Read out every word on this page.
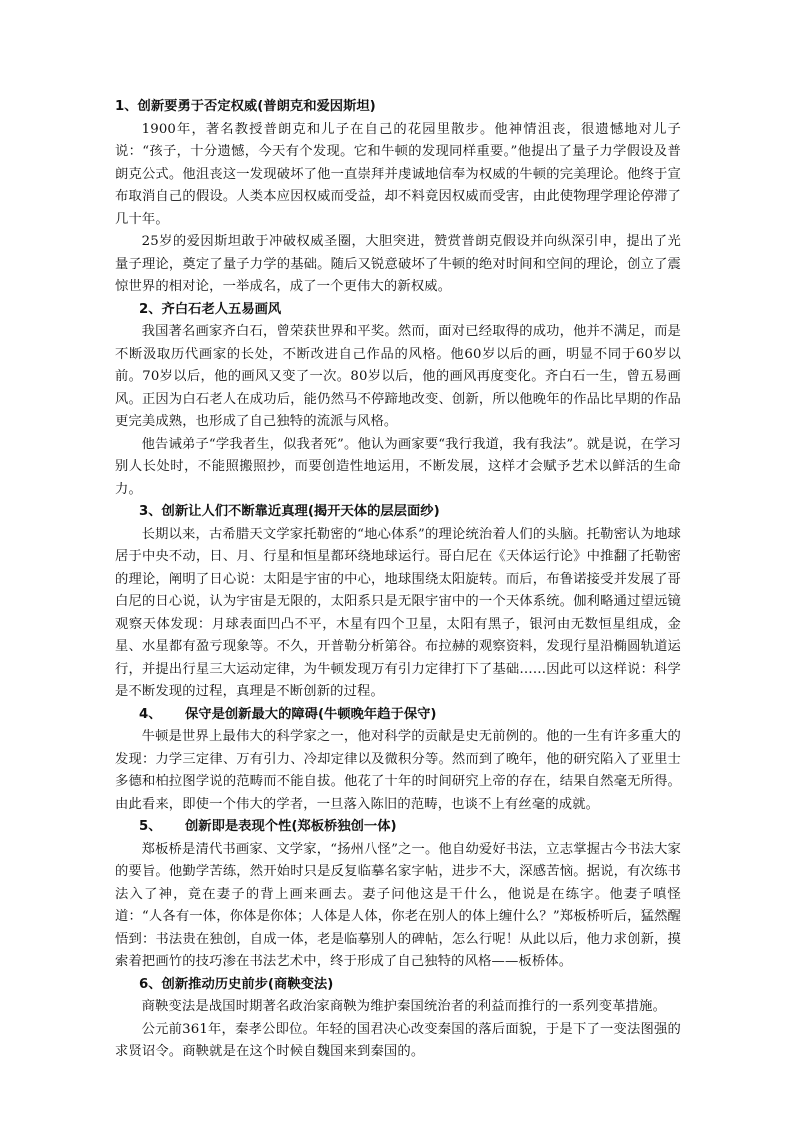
1、创新要勇于否定权威(普朗克和爱因斯坦)

1900年，著名教授普朗克和儿子在自己的花园里散步。他神情沮丧，很遗憾地对儿子说：“孩子，十分遗憾，今天有个发现。它和牛顿的发现同样重要。”他提出了量子力学假设及普朗克公式。他沮丧这一发现破坏了他一直崇拜并虔诚地信奉为权威的牛顿的完美理论。他终于宣布取消自己的假设。人类本应因权威而受益，却不料竟因权威而受害，由此使物理学理论停滞了几十年。

25岁的爱因斯坦敢于冲破权威圣圈，大胆突进，赞赏普朗克假设并向纵深引申，提出了光量子理论，奠定了量子力学的基础。随后又锐意破坏了牛顿的绝对时间和空间的理论，创立了震惊世界的相对论，一举成名，成了一个更伟大的新权威。

2、齐白石老人五易画风

我国著名画家齐白石，曾荣获世界和平奖。然而，面对已经取得的成功，他并不满足，而是不断汲取历代画家的长处，不断改进自己作品的风格。他60岁以后的画，明显不同于60岁以前。70岁以后，他的画风又变了一次。80岁以后，他的画风再度变化。齐白石一生，曾五易画风。正因为白石老人在成功后，能仍然马不停蹄地改变、创新，所以他晚年的作品比早期的作品更完美成熟，也形成了自己独特的流派与风格。

他告诫弟子“学我者生，似我者死”。他认为画家要“我行我道，我有我法”。就是说，在学习别人长处时，不能照搬照抄，而要创造性地运用，不断发展，这样才会赋予艺术以鲜活的生命力。

3、创新让人们不断靠近真理(揭开天体的层层面纱)

长期以来，古希腊天文学家托勒密的“地心体系”的理论统治着人们的头脑。托勒密认为地球居于中央不动，日、月、行星和恒星都环绕地球运行。哥白尼在《天体运行论》中推翻了托勒密的理论，阐明了日心说：太阳是宇宙的中心，地球围绕太阳旋转。而后，布鲁诺接受并发展了哥白尼的日心说，认为宇宙是无限的，太阳系只是无限宇宙中的一个天体系统。伽利略通过望远镜观察天体发现：月球表面凹凸不平，木星有四个卫星，太阳有黑子，银河由无数恒星组成，金星、水星都有盈亏现象等。不久，开普勒分析第谷。布拉赫的观察资料，发现行星沿椭圆轨道运行，并提出行星三大运动定律，为牛顿发现万有引力定律打下了基础……因此可以这样说：科学是不断发现的过程，真理是不断创新的过程。

4、 保守是创新最大的障碍(牛顿晚年趋于保守)

牛顿是世界上最伟大的科学家之一，他对科学的贡献是史无前例的。他的一生有许多重大的发现：力学三定律、万有引力、冷却定律以及微积分等。然而到了晚年，他的研究陷入了亚里士多德和柏拉图学说的范畴而不能自拔。他花了十年的时间研究上帝的存在，结果自然毫无所得。由此看来，即使一个伟大的学者，一旦落入陈旧的范畴，也谈不上有丝毫的成就。

5、 创新即是表现个性(郑板桥独创一体)

郑板桥是清代书画家、文学家，“扬州八怪”之一。他自幼爱好书法，立志掌握古今书法大家的要旨。他勤学苦练，然开始时只是反复临摹名家字帖，进步不大，深感苦恼。据说，有次练书法入了神，竟在妻子的背上画来画去。妻子问他这是干什么，他说是在练字。他妻子嗔怪道：“人各有一体，你体是你体；人体是人体，你老在别人的体上缠什么？”郑板桥听后，猛然醒悟到：书法贵在独创，自成一体，老是临摹别人的碑帖，怎么行呢！从此以后，他力求创新，摸索着把画竹的技巧渗在书法艺术中，终于形成了自己独特的风格——板桥体。

6、创新推动历史前步(商鞅变法)

商鞅变法是战国时期著名政治家商鞅为维护秦国统治者的利益而推行的一系列变革措施。

公元前361年，秦孝公即位。年轻的国君决心改变秦国的落后面貌，于是下了一变法图强的求贤诏令。商鞅就是在这个时候自魏国来到秦国的。
